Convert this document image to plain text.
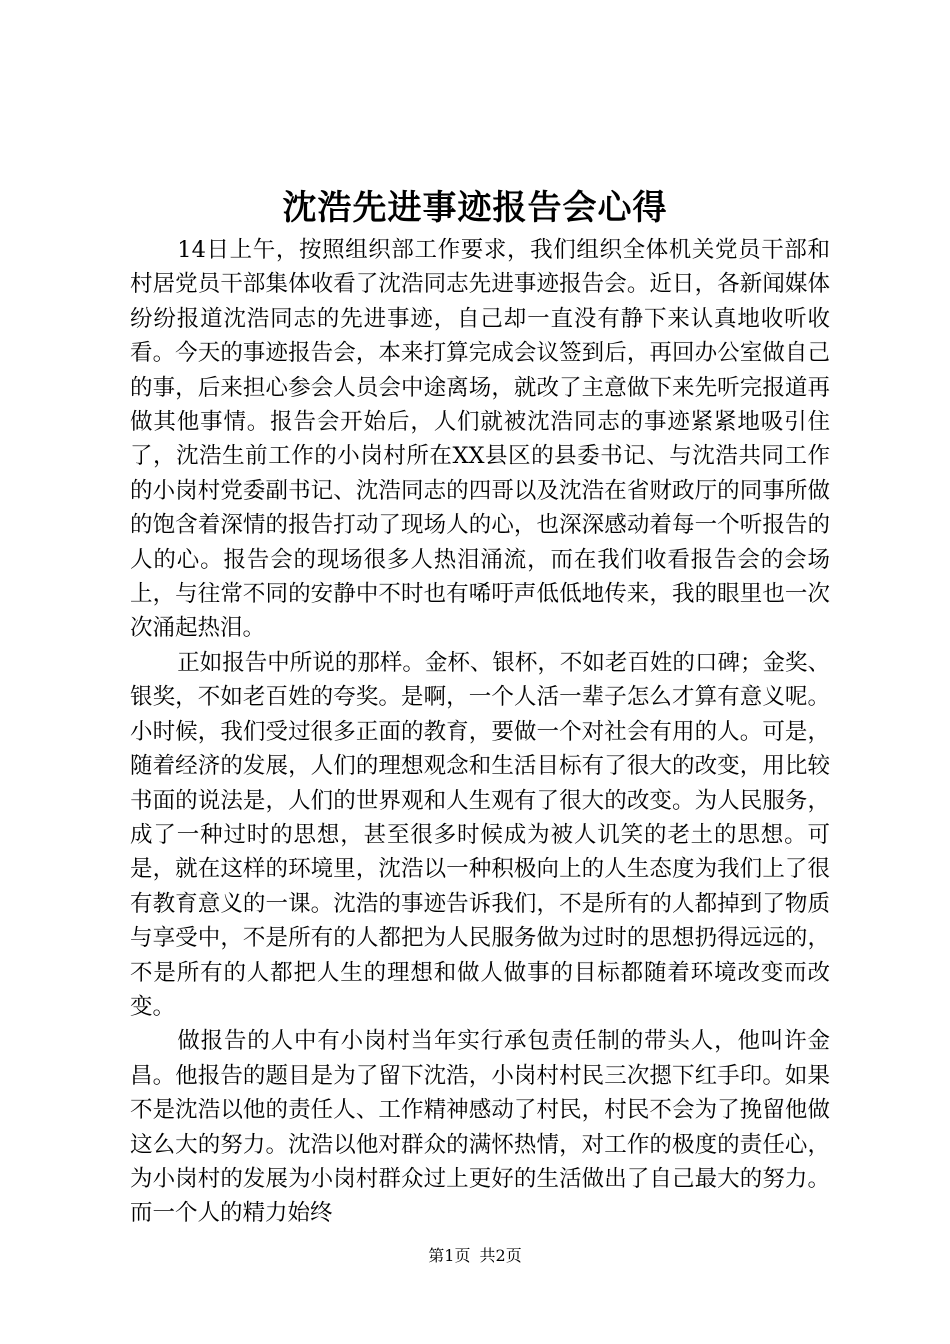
沈浩先进事迹报告会心得

14日上午，按照组织部工作要求，我们组织全体机关党员干部和村居党员干部集体收看了沈浩同志先进事迹报告会。近日，各新闻媒体纷纷报道沈浩同志的先进事迹，自己却一直没有静下来认真地收听收看。今天的事迹报告会，本来打算完成会议签到后，再回办公室做自己的事，后来担心参会人员会中途离场，就改了主意做下来先听完报道再做其他事情。报告会开始后，人们就被沈浩同志的事迹紧紧地吸引住了，沈浩生前工作的小岗村所在XX县区的县委书记、与沈浩共同工作的小岗村党委副书记、沈浩同志的四哥以及沈浩在省财政厅的同事所做的饱含着深情的报告打动了现场人的心，也深深感动着每一个听报告的人的心。报告会的现场很多人热泪涌流，而在我们收看报告会的会场上，与往常不同的安静中不时也有唏吁声低低地传来，我的眼里也一次次涌起热泪。

正如报告中所说的那样。金杯、银杯，不如老百姓的口碑；金奖、银奖，不如老百姓的夸奖。是啊，一个人活一辈子怎么才算有意义呢。小时候，我们受过很多正面的教育，要做一个对社会有用的人。可是，随着经济的发展，人们的理想观念和生活目标有了很大的改变，用比较书面的说法是，人们的世界观和人生观有了很大的改变。为人民服务，成了一种过时的思想，甚至很多时候成为被人讥笑的老土的思想。可是，就在这样的环境里，沈浩以一种积极向上的人生态度为我们上了很有教育意义的一课。沈浩的事迹告诉我们，不是所有的人都掉到了物质与享受中，不是所有的人都把为人民服务做为过时的思想扔得远远的，不是所有的人都把人生的理想和做人做事的目标都随着环境改变而改变。

做报告的人中有小岗村当年实行承包责任制的带头人，他叫许金昌。他报告的题目是为了留下沈浩，小岗村村民三次摁下红手印。如果不是沈浩以他的责任人、工作精神感动了村民，村民不会为了挽留他做这么大的努力。沈浩以他对群众的满怀热情，对工作的极度的责任心，为小岗村的发展为小岗村群众过上更好的生活做出了自己最大的努力。而一个人的精力始终

第1页 共2页
